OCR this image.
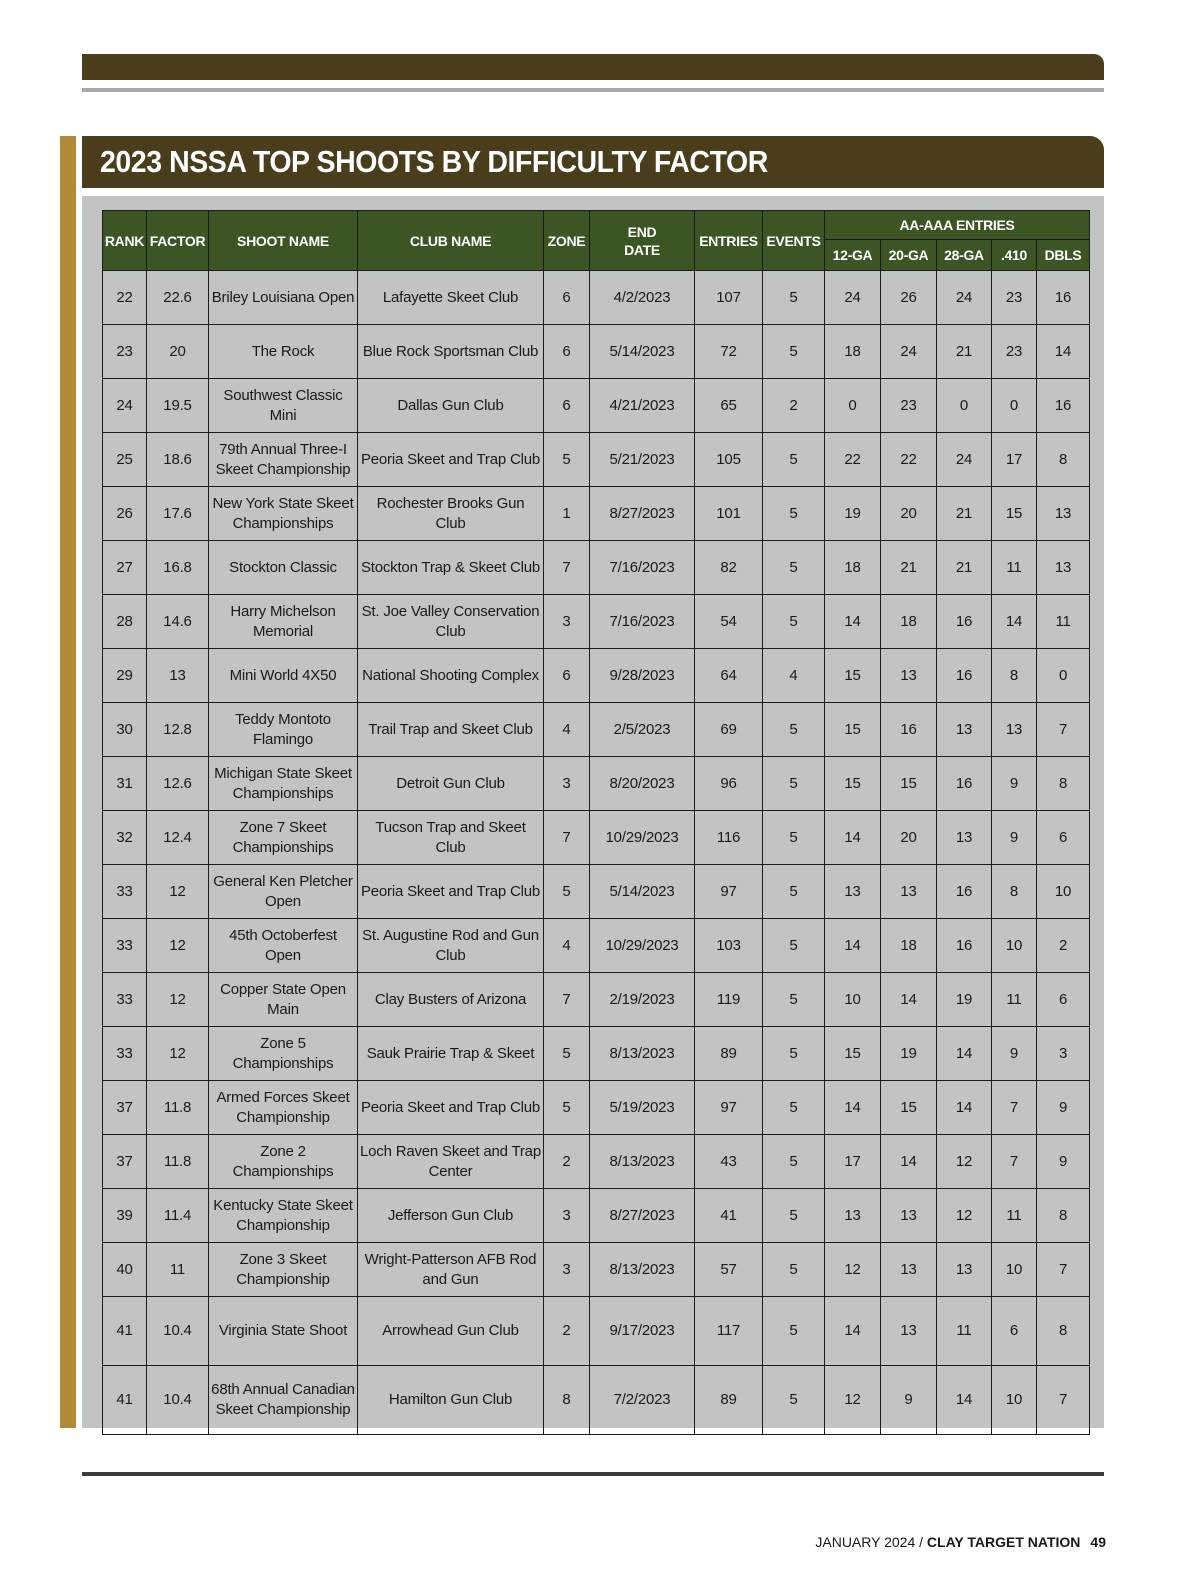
2023 NSSA TOP SHOOTS BY DIFFICULTY FACTOR
RANK	FACTOR	SHOOT NAME	CLUB NAME	ZONE	END
DATE	ENTRIES	EVENTS	AA-AAA ENTRIES				
								12-GA	20-GA	28-GA	.410	DBLS
22	22.6	Briley Louisiana Open	Lafayette Skeet Club	6	4/2/2023	107	5	24	26	24	23	16
23	20	The Rock	Blue Rock Sportsman Club	6	5/14/2023	72	5	18	24	21	23	14
24	19.5	Southwest Classic Mini	Dallas Gun Club	6	4/21/2023	65	2	0	23	0	0	16
25	18.6	79th Annual Three-I Skeet Championship	Peoria Skeet and Trap Club	5	5/21/2023	105	5	22	22	24	17	8
26	17.6	New York State Skeet Championships	Rochester Brooks Gun Club	1	8/27/2023	101	5	19	20	21	15	13
27	16.8	Stockton Classic	Stockton Trap & Skeet Club	7	7/16/2023	82	5	18	21	21	11	13
28	14.6	Harry Michelson Memorial	St. Joe Valley Conservation Club	3	7/16/2023	54	5	14	18	16	14	11
29	13	Mini World 4X50	National Shooting Complex	6	9/28/2023	64	4	15	13	16	8	0
30	12.8	Teddy Montoto Flamingo	Trail Trap and Skeet Club	4	2/5/2023	69	5	15	16	13	13	7
31	12.6	Michigan State Skeet Championships	Detroit Gun Club	3	8/20/2023	96	5	15	15	16	9	8
32	12.4	Zone 7 Skeet Championships	Tucson Trap and Skeet Club	7	10/29/2023	116	5	14	20	13	9	6
33	12	General Ken Pletcher Open	Peoria Skeet and Trap Club	5	5/14/2023	97	5	13	13	16	8	10
33	12	45th Octoberfest Open	St. Augustine Rod and Gun Club	4	10/29/2023	103	5	14	18	16	10	2
33	12	Copper State Open Main	Clay Busters of Arizona	7	2/19/2023	119	5	10	14	19	11	6
33	12	Zone 5 Championships	Sauk Prairie Trap & Skeet	5	8/13/2023	89	5	15	19	14	9	3
37	11.8	Armed Forces Skeet Championship	Peoria Skeet and Trap Club	5	5/19/2023	97	5	14	15	14	7	9
37	11.8	Zone 2 Championships	Loch Raven Skeet and Trap Center	2	8/13/2023	43	5	17	14	12	7	9
39	11.4	Kentucky State Skeet Championship	Jefferson Gun Club	3	8/27/2023	41	5	13	13	12	11	8
40	11	Zone 3 Skeet Championship	Wright-Patterson AFB Rod and Gun	3	8/13/2023	57	5	12	13	13	10	7
41	10.4	Virginia State Shoot	Arrowhead Gun Club	2	9/17/2023	117	5	14	13	11	6	8
41	10.4	68th Annual Canadian Skeet Championship	Hamilton Gun Club	8	7/2/2023	89	5	12	9	14	10	7
JANUARY 2024 / CLAY TARGET NATION 49
